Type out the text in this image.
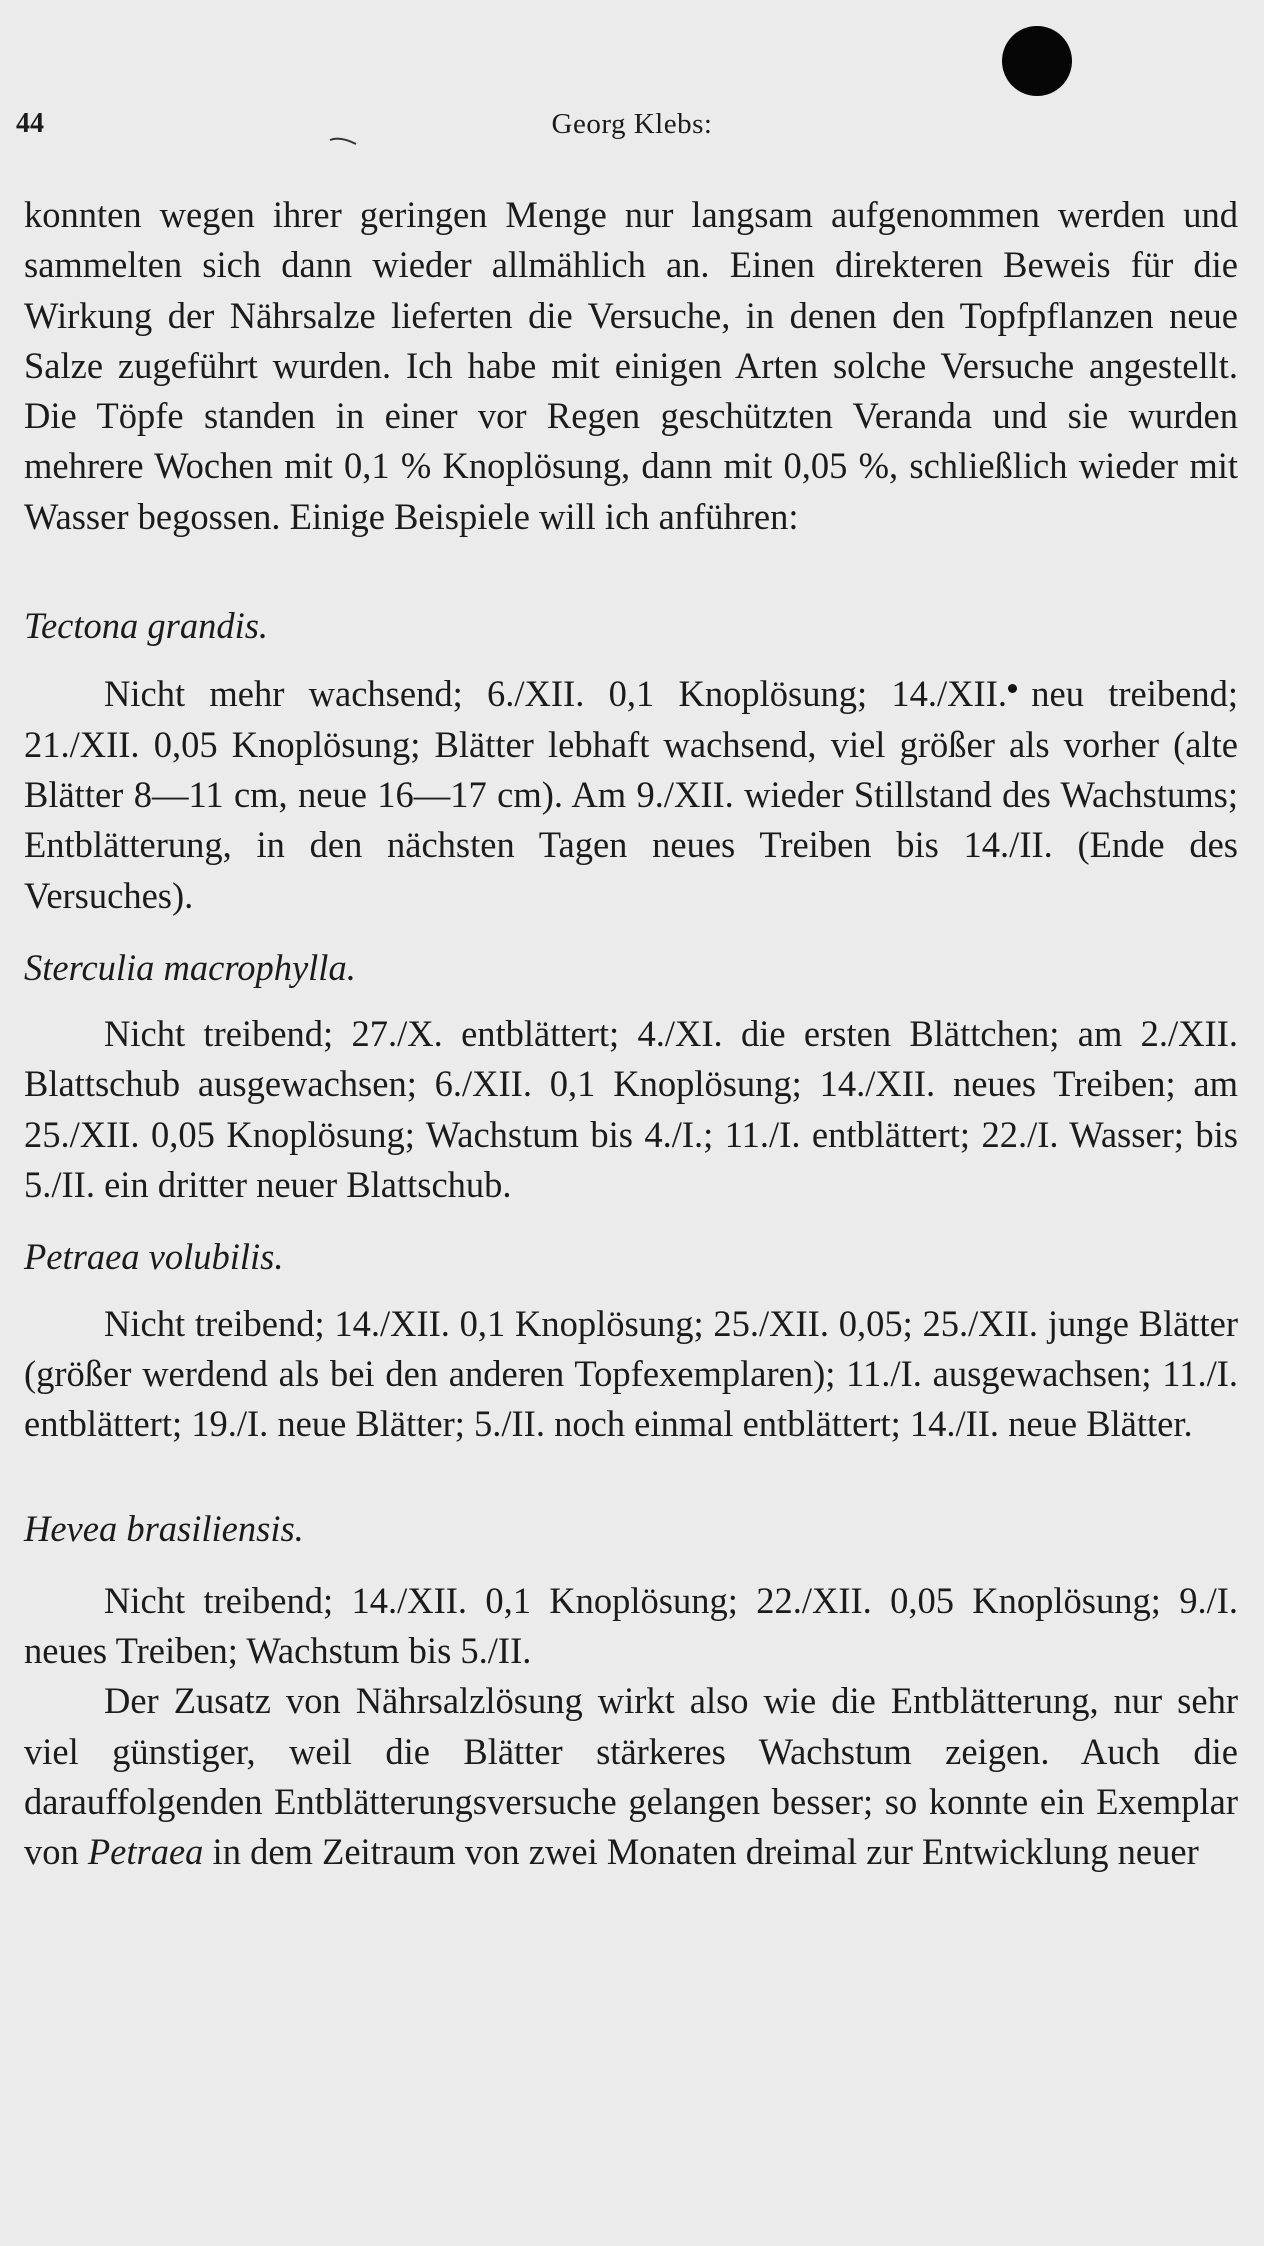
44	Georg Klebs:

konnten wegen ihrer geringen Menge nur langsam aufgenommen werden und sammelten sich dann wieder allmählich an. Einen direkteren Beweis für die Wirkung der Nährsalze lieferten die Versuche, in denen den Topfpflanzen neue Salze zugeführt wurden. Ich habe mit einigen Arten solche Versuche angestellt. Die Töpfe standen in einer vor Regen geschützten Veranda und sie wurden mehrere Wochen mit 0,1 % Knoplösung, dann mit 0,05 %, schließlich wieder mit Wasser begossen. Einige Beispiele will ich anführen:

Tectona grandis.

Nicht mehr wachsend; 6./XII. 0,1 Knoplösung; 14./XII. neu treibend; 21./XII. 0,05 Knoplösung; Blätter lebhaft wachsend, viel größer als vorher (alte Blätter 8—11 cm, neue 16—17 cm). Am 9./XII. wieder Stillstand des Wachstums; Entblätterung, in den nächsten Tagen neues Treiben bis 14./II. (Ende des Versuches).

Sterculia macrophylla.

Nicht treibend; 27./X. entblättert; 4./XI. die ersten Blättchen; am 2./XII. Blattschub ausgewachsen; 6./XII. 0,1 Knoplösung; 14./XII. neues Treiben; am 25./XII. 0,05 Knoplösung; Wachstum bis 4./I.; 11./I. entblättert; 22./I. Wasser; bis 5./II. ein dritter neuer Blattschub.

Petraea volubilis.

Nicht treibend; 14./XII. 0,1 Knoplösung; 25./XII. 0,05; 25./XII. junge Blätter (größer werdend als bei den anderen Topfexemplaren); 11./I. ausgewachsen; 11./I. entblättert; 19./I. neue Blätter; 5./II. noch einmal entblättert; 14./II. neue Blätter.

Hevea brasiliensis.

Nicht treibend; 14./XII. 0,1 Knoplösung; 22./XII. 0,05 Knoplösung; 9./I. neues Treiben; Wachstum bis 5./II.

Der Zusatz von Nährsalzlösung wirkt also wie die Entblätterung, nur sehr viel günstiger, weil die Blätter stärkeres Wachstum zeigen. Auch die darauffolgenden Entblätterungsversuche gelangen besser; so konnte ein Exemplar von Petraea in dem Zeitraum von zwei Monaten dreimal zur Entwicklung neuer
